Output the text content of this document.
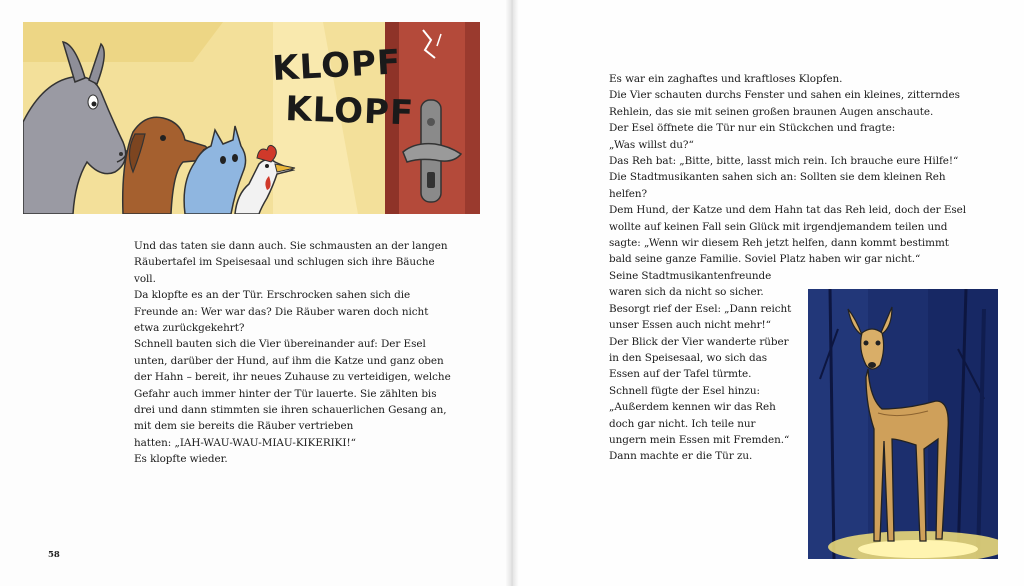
KLOPF
KLOPF

Und das taten sie dann auch. Sie schmausten an der langen

Räubertafel im Speisesaal und schlugen sich ihre Bäuche

voll.

Da klopfte es an der Tür. Erschrocken sahen sich die

Freunde an: Wer war das? Die Räuber waren doch nicht

etwa zurückgekehrt?

Schnell bauten sich die Vier übereinander auf: Der Esel

unten, darüber der Hund, auf ihm die Katze und ganz oben

der Hahn – bereit, ihr neues Zuhause zu verteidigen, welche

Gefahr auch immer hinter der Tür lauerte. Sie zählten bis

drei und dann stimmten sie ihren schauerlichen Gesang an,

mit dem sie bereits die Räuber vertrieben

hatten: „IAH-WAU-WAU-MIAU-KIKERIKI!“

Es klopfte wieder.

Es war ein zaghaftes und kraftloses Klopfen.

Die Vier schauten durchs Fenster und sahen ein kleines, zitterndes

Rehlein, das sie mit seinen großen braunen Augen anschaute.

Der Esel öffnete die Tür nur ein Stückchen und fragte:

„Was willst du?“

Das Reh bat: „Bitte, bitte, lasst mich rein. Ich brauche eure Hilfe!“

Die Stadtmusikanten sahen sich an: Sollten sie dem kleinen Reh

helfen?

Dem Hund, der Katze und dem Hahn tat das Reh leid, doch der Esel

wollte auf keinen Fall sein Glück mit irgendjemandem teilen und

sagte: „Wenn wir diesem Reh jetzt helfen, dann kommt bestimmt

bald seine ganze Familie. Soviel Platz haben wir gar nicht.“

Seine Stadtmusikantenfreunde

waren sich da nicht so sicher.

Besorgt rief der Esel: „Dann reicht

unser Essen auch nicht mehr!“

Der Blick der Vier wanderte rüber

in den Speisesaal, wo sich das

Essen auf der Tafel türmte.

Schnell fügte der Esel hinzu:

„Außerdem kennen wir das Reh

doch gar nicht. Ich teile nur

ungern mein Essen mit Fremden.“

Dann machte er die Tür zu.

58
